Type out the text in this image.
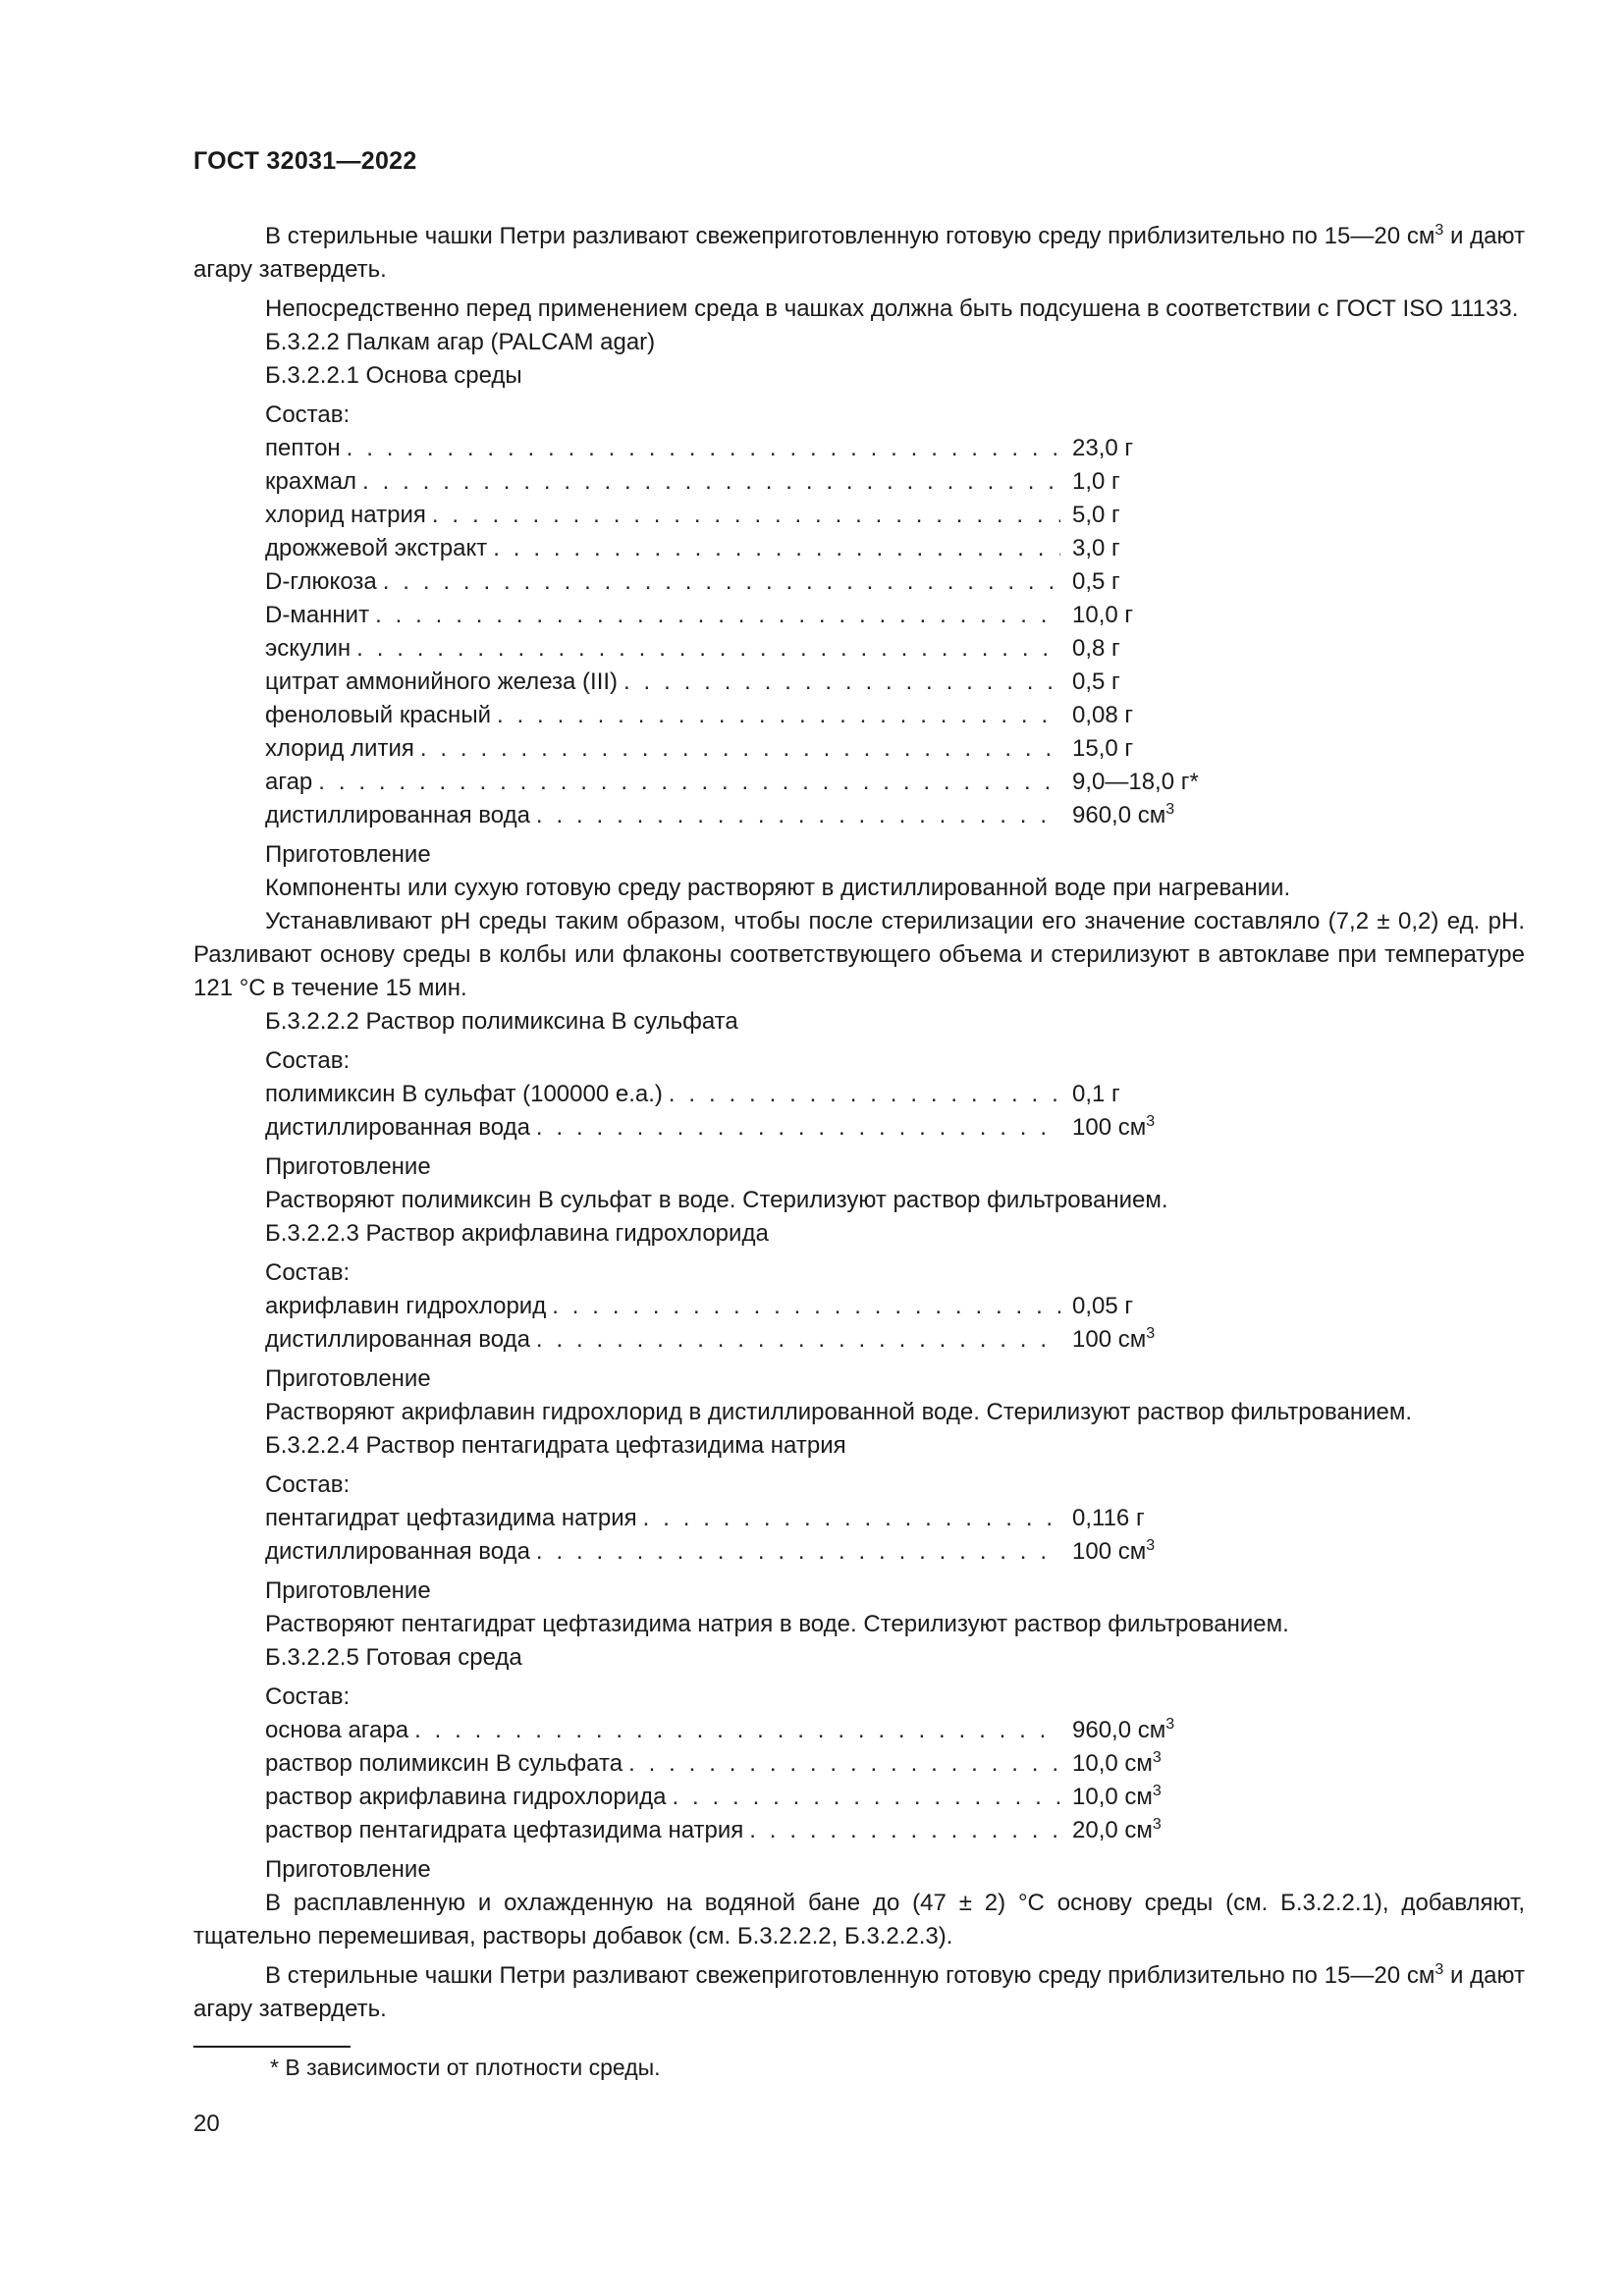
ГОСТ 32031—2022

В стерильные чашки Петри разливают свежеприготовленную готовую среду приблизительно по 15—20 $см^3$ и дают агару затвердеть.

Непосредственно перед применением среда в чашках должна быть подсушена в соответствии с ГОСТ ISO 11133.

Б.3.2.2 Палкам агар (PALCAM agar)

Б.3.2.2.1 Основа среды

Состав:

пептон . . .	23,0 г
крахмал . . .	1,0 г
хлорид натрия . . .	5,0 г
дрожжевой экстракт . . .	3,0 г
D-глюкоза . . .	0,5 г
D-маннит . . .	10,0 г
эскулин . . .	0,8 г
цитрат аммонийного железа (III) . . .	0,5 г
феноловый красный . . .	0,08 г
хлорид лития . . .	15,0 г
агар . . .	9,0—18,0 г*
дистиллированная вода . . .	960,0 $см^3$

Приготовление

Компоненты или сухую готовую среду растворяют в дистиллированной воде при нагревании.

Устанавливают pH среды таким образом, чтобы после стерилизации его значение составляло (7,2 ± 0,2) ед. pH. Разливают основу среды в колбы или флаконы соответствующего объема и стерилизуют в автоклаве при температуре 121 °С в течение 15 мин.

Б.3.2.2.2 Раствор полимиксина В сульфата

Состав:

полимиксин В сульфат (100000 е.а.) . . .	0,1 г
дистиллированная вода . . .	100 $см^3$

Приготовление

Растворяют полимиксин В сульфат в воде. Стерилизуют раствор фильтрованием.

Б.3.2.2.3 Раствор акрифлавина гидрохлорида

Состав:

акрифлавин гидрохлорид . . .	0,05 г
дистиллированная вода . . .	100 $см^3$

Приготовление

Растворяют акрифлавин гидрохлорид в дистиллированной воде. Стерилизуют раствор фильтрованием.

Б.3.2.2.4 Раствор пентагидрата цефтазидима натрия

Состав:

пентагидрат цефтазидима натрия . . .	0,116 г
дистиллированная вода . . .	100 $см^3$

Приготовление

Растворяют пентагидрат цефтазидима натрия в воде. Стерилизуют раствор фильтрованием.

Б.3.2.2.5 Готовая среда

Состав:

основа агара . . .	960,0 $см^3$
раствор полимиксин В сульфата . . .	10,0 $см^3$
раствор акрифлавина гидрохлорида . . .	10,0 $см^3$
раствор пентагидрата цефтазидима натрия . . .	20,0 $см^3$

Приготовление

В расплавленную и охлажденную на водяной бане до (47 ± 2) °С основу среды (см. Б.3.2.2.1), добавляют, тщательно перемешивая, растворы добавок (см. Б.3.2.2.2, Б.3.2.2.3).

В стерильные чашки Петри разливают свежеприготовленную готовую среду приблизительно по 15—20 $см^3$ и дают агару затвердеть.

* В зависимости от плотности среды.
20
